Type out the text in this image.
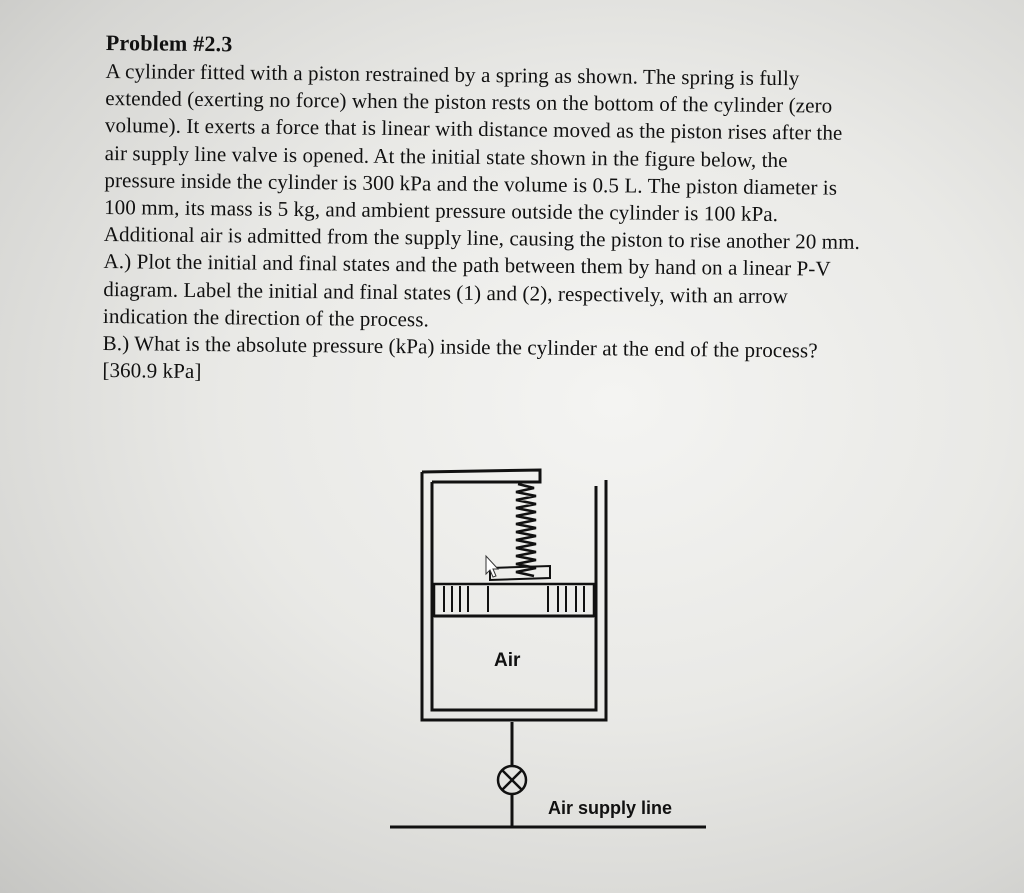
Problem #2.3
A cylinder fitted with a piston restrained by a spring as shown. The spring is fully
extended (exerting no force) when the piston rests on the bottom of the cylinder (zero
volume). It exerts a force that is linear with distance moved as the piston rises after the
air supply line valve is opened. At the initial state shown in the figure below, the
pressure inside the cylinder is 300 kPa and the volume is 0.5 L. The piston diameter is
100 mm, its mass is 5 kg, and ambient pressure outside the cylinder is 100 kPa.
Additional air is admitted from the supply line, causing the piston to rise another 20 mm.
A.) Plot the initial and final states and the path between them by hand on a linear P-V
diagram. Label the initial and final states (1) and (2), respectively, with an arrow
indication the direction of the process.
B.) What is the absolute pressure (kPa) inside the cylinder at the end of the process?
[360.9 kPa]
Air
Air supply line
